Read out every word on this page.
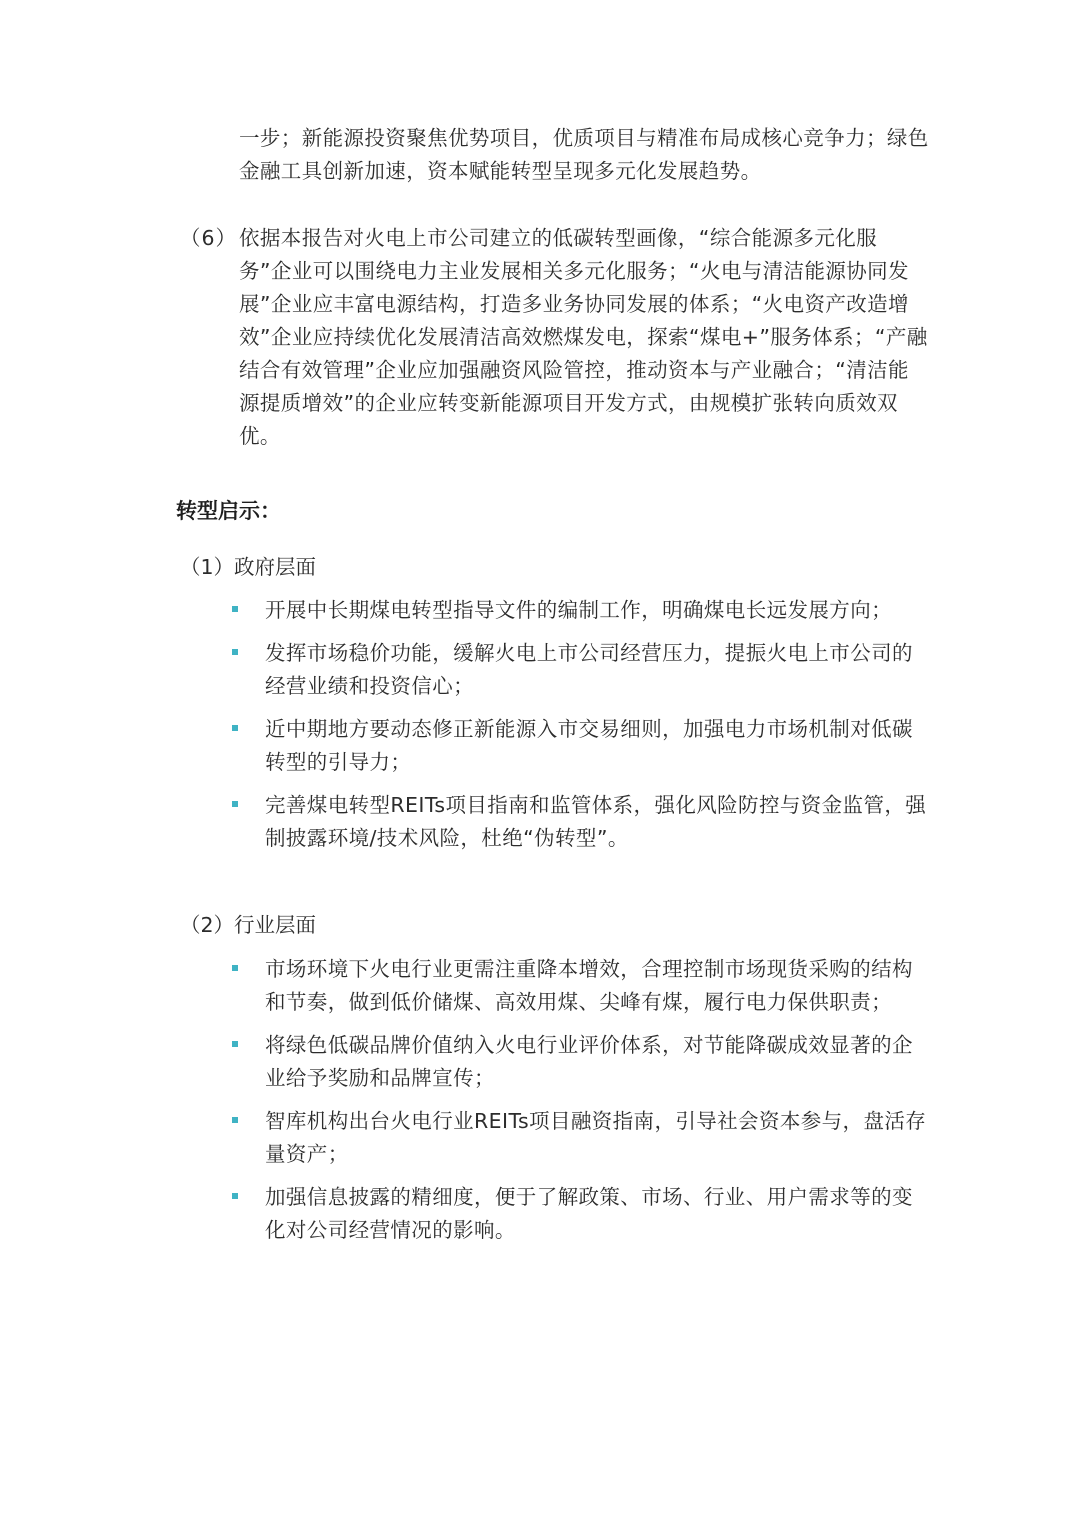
一步；新能源投资聚焦优势项目，优质项目与精准布局成核心竞争力；绿色金融工具创新加速，资本赋能转型呈现多元化发展趋势。

（6） 依据本报告对火电上市公司建立的低碳转型画像，“综合能源多元化服务”企业可以围绕电力主业发展相关多元化服务；“火电与清洁能源协同发展”企业应丰富电源结构，打造多业务协同发展的体系；“火电资产改造增效”企业应持续优化发展清洁高效燃煤发电，探索“煤电+”服务体系；“产融结合有效管理”企业应加强融资风险管控，推动资本与产业融合；“清洁能源提质增效”的企业应转变新能源项目开发方式，由规模扩张转向质效双优。

转型启示：

（1）政府层面

开展中长期煤电转型指导文件的编制工作，明确煤电长远发展方向；
发挥市场稳价功能，缓解火电上市公司经营压力，提振火电上市公司的经营业绩和投资信心；
近中期地方要动态修正新能源入市交易细则，加强电力市场机制对低碳转型的引导力；
完善煤电转型REITs项目指南和监管体系，强化风险防控与资金监管，强制披露环境/技术风险，杜绝“伪转型”。

（2）行业层面

市场环境下火电行业更需注重降本增效，合理控制市场现货采购的结构和节奏，做到低价储煤、高效用煤、尖峰有煤，履行电力保供职责；
将绿色低碳品牌价值纳入火电行业评价体系，对节能降碳成效显著的企业给予奖励和品牌宣传；
智库机构出台火电行业REITs项目融资指南，引导社会资本参与，盘活存量资产；
加强信息披露的精细度，便于了解政策、市场、行业、用户需求等的变化对公司经营情况的影响。
